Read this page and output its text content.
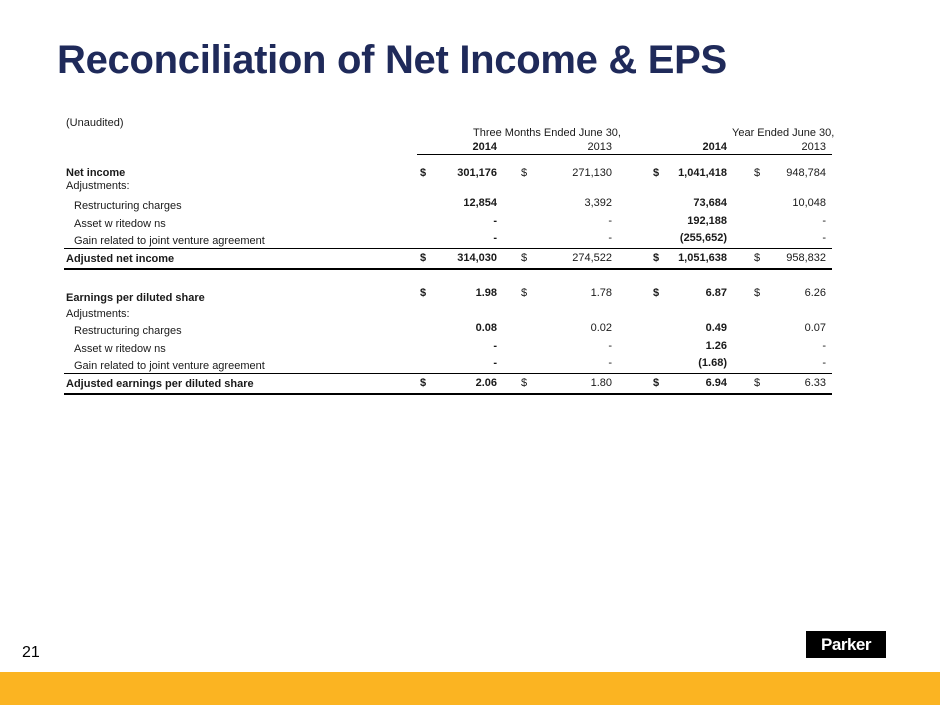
Reconciliation of Net Income & EPS
(Unaudited)
Three Months Ended June 30,	Year Ended June 30,
2014	2013	2014	2013
Net income	$	301,176 $	271,130	$	1,041,418 $	948,784
Adjustments:
Restructuring charges	12,854	3,392	73,684	10,048
Asset w ritedow ns	-	-	192,188	-
Gain related to joint venture agreement	-	-	(255,652)	-
Adjusted net income	$	314,030 $	274,522	$	1,051,638 $	958,832
Earnings per diluted share	$	1.98 $	1.78	$	6.87 $	6.26
Adjustments:
Restructuring charges	0.08	0.02	0.49	0.07
Asset w ritedow ns	-	-	1.26	-
Gain related to joint venture agreement	-	-	(1.68)	-
Adjusted earnings per diluted share	$	2.06 $	1.80	$	6.94 $	6.33
21	Parker
